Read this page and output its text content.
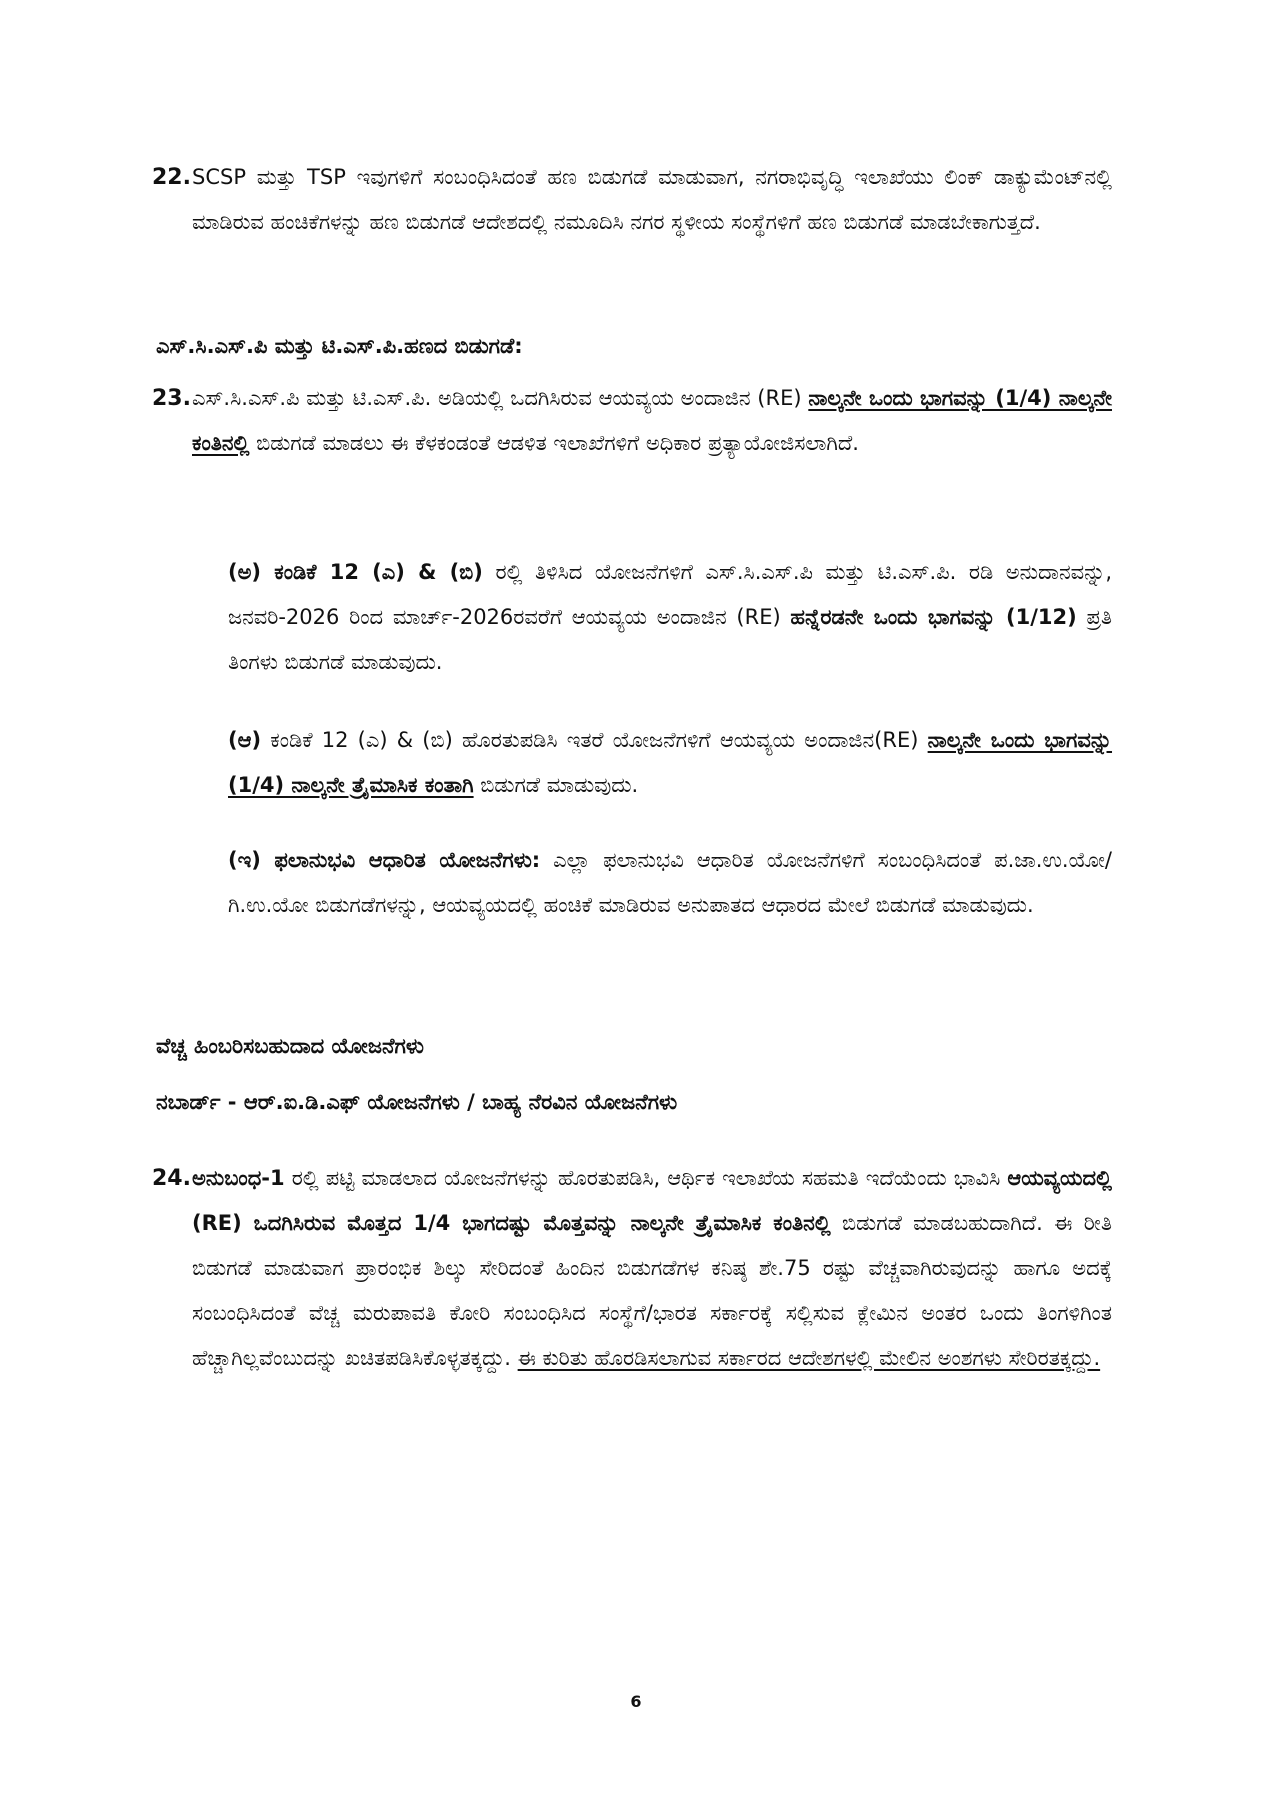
22. SCSP ಮತ್ತು TSP ಇವುಗಳಿಗೆ ಸಂಬಂಧಿಸಿದಂತೆ ಹಣ ಬಿಡುಗಡೆ ಮಾಡುವಾಗ, ನಗರಾಭಿವೃದ್ಧಿ ಇಲಾಖೆಯು ಲಿಂಕ್ ಡಾಕ್ಯುಮೆಂಟ್‌ನಲ್ಲಿ ಮಾಡಿರುವ ಹಂಚಿಕೆಗಳನ್ನು ಹಣ ಬಿಡುಗಡೆ ಆದೇಶದಲ್ಲಿ ನಮೂದಿಸಿ ನಗರ ಸ್ಥಳೀಯ ಸಂಸ್ಥೆಗಳಿಗೆ ಹಣ ಬಿಡುಗಡೆ ಮಾಡಬೇಕಾಗುತ್ತದೆ.
ಎಸ್.ಸಿ.ಎಸ್.ಪಿ ಮತ್ತು ಟಿ.ಎಸ್.ಪಿ.ಹಣದ ಬಿಡುಗಡೆ:
23. ಎಸ್.ಸಿ.ಎಸ್.ಪಿ ಮತ್ತು ಟಿ.ಎಸ್.ಪಿ. ಅಡಿಯಲ್ಲಿ ಒದಗಿಸಿರುವ ಆಯವ್ಯಯ ಅಂದಾಜಿನ (RE) ನಾಲ್ಕನೇ ಒಂದು ಭಾಗವನ್ನು (1/4) ನಾಲ್ಕನೇ ಕಂತಿನಲ್ಲಿ ಬಿಡುಗಡೆ ಮಾಡಲು ಈ ಕೆಳಕಂಡಂತೆ ಆಡಳಿತ ಇಲಾಖೆಗಳಿಗೆ ಅಧಿಕಾರ ಪ್ರತ್ಯಾಯೋಜಿಸಲಾಗಿದೆ.
(ಅ) ಕಂಡಿಕೆ 12 (ಎ) & (ಬಿ) ರಲ್ಲಿ ತಿಳಿಸಿದ ಯೋಜನೆಗಳಿಗೆ ಎಸ್.ಸಿ.ಎಸ್.ಪಿ ಮತ್ತು ಟಿ.ಎಸ್.ಪಿ. ರಡಿ ಅನುದಾನವನ್ನು, ಜನವರಿ-2026 ರಿಂದ ಮಾರ್ಚ್-2026ರವರೆಗೆ ಆಯವ್ಯಯ ಅಂದಾಜಿನ (RE) ಹನ್ನೆರಡನೇ ಒಂದು ಭಾಗವನ್ನು (1/12) ಪ್ರತಿ ತಿಂಗಳು ಬಿಡುಗಡೆ ಮಾಡುವುದು.
(ಆ) ಕಂಡಿಕೆ 12 (ಎ) & (ಬಿ) ಹೊರತುಪಡಿಸಿ ಇತರೆ ಯೋಜನೆಗಳಿಗೆ ಆಯವ್ಯಯ ಅಂದಾಜಿನ(RE) ನಾಲ್ಕನೇ ಒಂದು ಭಾಗವನ್ನು (1/4) ನಾಲ್ಕನೇ ತ್ರೈಮಾಸಿಕ ಕಂತಾಗಿ ಬಿಡುಗಡೆ ಮಾಡುವುದು.
(ಇ) ಫಲಾನುಭವಿ ಆಧಾರಿತ ಯೋಜನೆಗಳು: ಎಲ್ಲಾ ಫಲಾನುಭವಿ ಆಧಾರಿತ ಯೋಜನೆಗಳಿಗೆ ಸಂಬಂಧಿಸಿದಂತೆ ಪ.ಜಾ.ಉ.ಯೋ/ಗಿ.ಉ.ಯೋ ಬಿಡುಗಡೆಗಳನ್ನು, ಆಯವ್ಯಯದಲ್ಲಿ ಹಂಚಿಕೆ ಮಾಡಿರುವ ಅನುಪಾತದ ಆಧಾರದ ಮೇಲೆ ಬಿಡುಗಡೆ ಮಾಡುವುದು.
ವೆಚ್ಚ ಹಿಂಬರಿಸಬಹುದಾದ ಯೋಜನೆಗಳು
ನಬಾರ್ಡ್ - ಆರ್.ಐ.ಡಿ.ಎಫ್ ಯೋಜನೆಗಳು / ಬಾಹ್ಯ ನೆರವಿನ ಯೋಜನೆಗಳು
24. ಅನುಬಂಧ-1 ರಲ್ಲಿ ಪಟ್ಟಿ ಮಾಡಲಾದ ಯೋಜನೆಗಳನ್ನು ಹೊರತುಪಡಿಸಿ, ಆರ್ಥಿಕ ಇಲಾಖೆಯ ಸಹಮತಿ ಇದೆಯೆಂದು ಭಾವಿಸಿ ಆಯವ್ಯಯದಲ್ಲಿ (RE) ಒದಗಿಸಿರುವ ಮೊತ್ತದ 1/4 ಭಾಗದಷ್ಟು ಮೊತ್ತವನ್ನು ನಾಲ್ಕನೇ ತ್ರೈಮಾಸಿಕ ಕಂತಿನಲ್ಲಿ ಬಿಡುಗಡೆ ಮಾಡಬಹುದಾಗಿದೆ. ಈ ರೀತಿ ಬಿಡುಗಡೆ ಮಾಡುವಾಗ ಪ್ರಾರಂಭಿಕ ಶಿಲ್ಕು ಸೇರಿದಂತೆ ಹಿಂದಿನ ಬಿಡುಗಡೆಗಳ ಕನಿಷ್ಠ ಶೇ.75 ರಷ್ಟು ವೆಚ್ಚವಾಗಿರುವುದನ್ನು ಹಾಗೂ ಅದಕ್ಕೆ ಸಂಬಂಧಿಸಿದಂತೆ ವೆಚ್ಚ ಮರುಪಾವತಿ ಕೋರಿ ಸಂಬಂಧಿಸಿದ ಸಂಸ್ಥೆಗೆ/ಭಾರತ ಸರ್ಕಾರಕ್ಕೆ ಸಲ್ಲಿಸುವ ಕ್ಲೇಮಿನ ಅಂತರ ಒಂದು ತಿಂಗಳಿಗಿಂತ ಹೆಚ್ಚಾಗಿಲ್ಲವೆಂಬುದನ್ನು ಖಚಿತಪಡಿಸಿಕೊಳ್ಳತಕ್ಕದ್ದು. ಈ ಕುರಿತು ಹೊರಡಿಸಲಾಗುವ ಸರ್ಕಾರದ ಆದೇಶಗಳಲ್ಲಿ ಮೇಲಿನ ಅಂಶಗಳು ಸೇರಿರತಕ್ಕದ್ದು.
6
